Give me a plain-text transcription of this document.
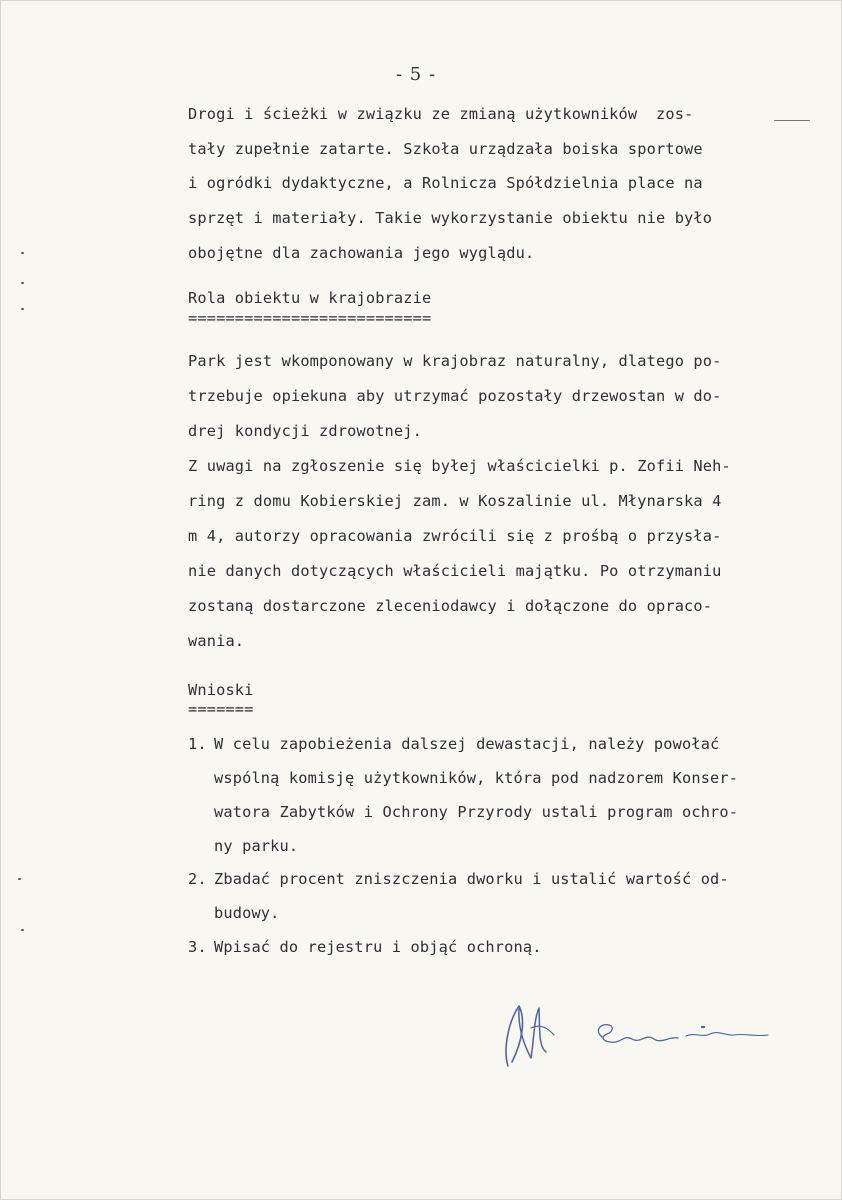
- 5 -
Drogi i ścieżki w związku ze zmianą użytkowników  zos-
tały zupełnie zatarte. Szkoła urządzała boiska sportowe
i ogródki dydaktyczne, a Rolnicza Spółdzielnia place na
sprzęt i materiały. Takie wykorzystanie obiektu nie było
obojętne dla zachowania jego wyglądu.
Rola obiektu w krajobrazie
==========================
Park jest wkomponowany w krajobraz naturalny, dlatego po-
trzebuje opiekuna aby utrzymać pozostały drzewostan w do-
drej kondycji zdrowotnej.
Z uwagi na zgłoszenie się byłej właścicielki p. Zofii Neh-
ring z domu Kobierskiej zam. w Koszalinie ul. Młynarska 4
m 4, autorzy opracowania zwrócili się z prośbą o przysła-
nie danych dotyczących właścicieli majątku. Po otrzymaniu
zostaną dostarczone zleceniodawcy i dołączone do opraco-
wania.
Wnioski
=======
1. W celu zapobieżenia dalszej dewastacji, należy powołać
wspólną komisję użytkowników, która pod nadzorem Konser-
watora Zabytków i Ochrony Przyrody ustali program ochro-
ny parku.
2. Zbadać procent zniszczenia dworku i ustalić wartość od-
budowy.
3. Wpisać do rejestru i objąć ochroną.
